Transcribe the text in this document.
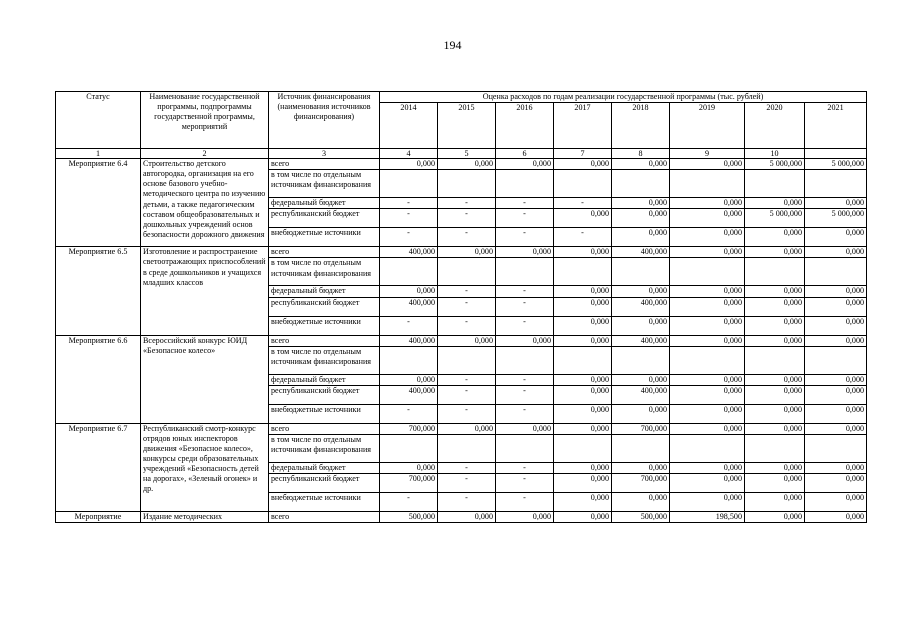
194
Статус	Наименование государственной программы, подпрограммы государственной программы, мероприятий	Источник финансирования (наименования источников финансирования)	Оценка расходов по годам реализации государственной программы (тыс. рублей)							
			2014	2015	2016	2017	2018	2019	2020	2021
1	2	3	4	5	6	7	8	9	10	
Мероприятие 6.4	Строительство детского автогородка, организация на его основе базового учебно-методического центра по изучению детьми, а также педагогическим составом общеобразовательных и дошкольных учреждений основ безопасности дорожного движения	всего	0,000	0,000	0,000	0,000	0,000	0,000	5 000,000	5 000,000
		в том числе по отдельным источникам финансирования								
		федеральный бюджет	-	-	-	-	0,000	0,000	0,000	0,000
		республиканский бюджет	-	-	-	0,000	0,000	0,000	5 000,000	5 000,000
		внебюджетные источники	-	-	-	-	0,000	0,000	0,000	0,000
Мероприятие 6.5	Изготовление и распространение светоотражающих приспособлений в среде дошкольников и учащихся младших классов	всего	400,000	0,000	0,000	0,000	400,000	0,000	0,000	0,000
		в том числе по отдельным источникам финансирования								
		федеральный бюджет	0,000	-	-	0,000	0,000	0,000	0,000	0,000
		республиканский бюджет	400,000	-	-	0,000	400,000	0,000	0,000	0,000
		внебюджетные источники	-	-	-	0,000	0,000	0,000	0,000	0,000
Мероприятие 6.6	Всероссийский конкурс ЮИД «Безопасное колесо»	всего	400,000	0,000	0,000	0,000	400,000	0,000	0,000	0,000
		в том числе по отдельным источникам финансирования								
		федеральный бюджет	0,000	-	-	0,000	0,000	0,000	0,000	0,000
		республиканский бюджет	400,000	-	-	0,000	400,000	0,000	0,000	0,000
		внебюджетные источники	-	-	-	0,000	0,000	0,000	0,000	0,000
Мероприятие 6.7	Республиканский смотр-конкурс отрядов юных инспекторов движения «Безопасное колесо», конкурсы среди образовательных учреждений «Безопасность детей на дорогах», «Зеленый огонек» и др.	всего	700,000	0,000	0,000	0,000	700,000	0,000	0,000	0,000
		в том числе по отдельным источникам финансирования								
		федеральный бюджет	0,000	-	-	0,000	0,000	0,000	0,000	0,000
		республиканский бюджет	700,000	-	-	0,000	700,000	0,000	0,000	0,000
		внебюджетные источники	-	-	-	0,000	0,000	0,000	0,000	0,000
Мероприятие	Издание методических	всего	500,000	0,000	0,000	0,000	500,000	198,500	0,000	0,000
